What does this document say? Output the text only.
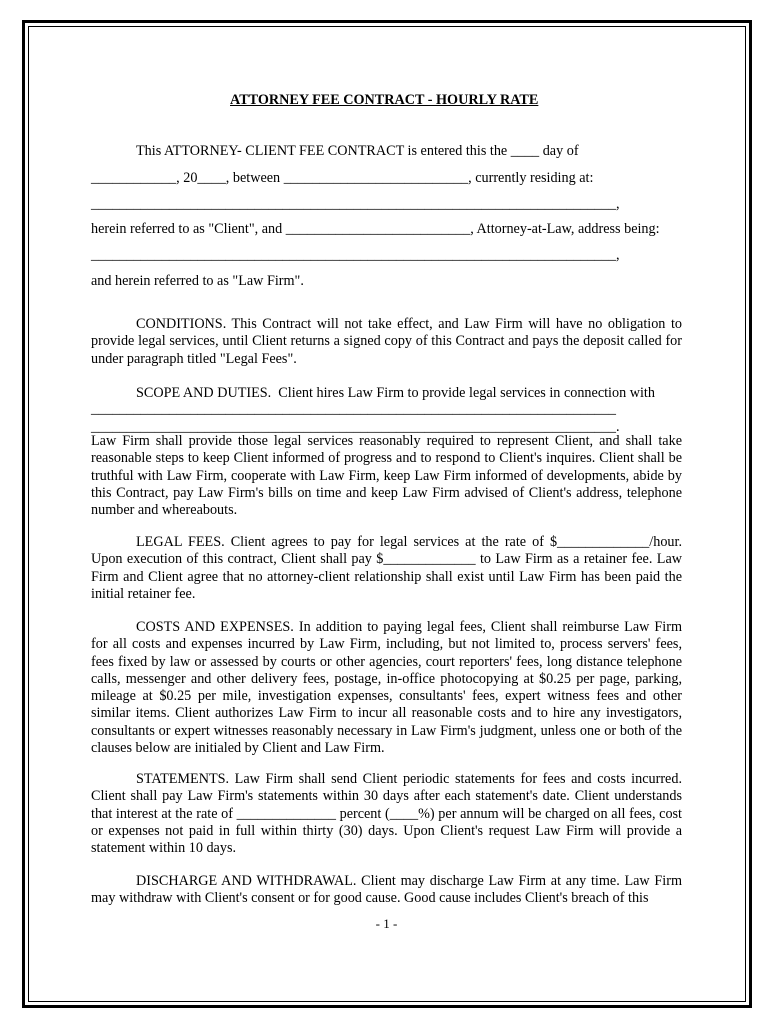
ATTORNEY FEE CONTRACT - HOURLY RATE
This ATTORNEY- CLIENT FEE CONTRACT is entered this the ____ day of
____________, 20____, between __________________________, currently residing at:
__________________________________________________________________________,
herein referred to as "Client", and __________________________, Attorney-at-Law, address being:
__________________________________________________________________________,
and herein referred to as "Law Firm".
CONDITIONS. This Contract will not take effect, and Law Firm will have no obligation to provide legal services, until Client returns a signed copy of this Contract and pays the deposit called for under paragraph titled "Legal Fees".
SCOPE AND DUTIES.  Client hires Law Firm to provide legal services in connection with
__________________________________________________________________________
__________________________________________________________________________.
Law Firm shall provide those legal services reasonably required to represent Client, and shall take reasonable steps to keep Client informed of progress and to respond to Client's inquires. Client shall be truthful with Law Firm, cooperate with Law Firm, keep Law Firm informed of developments, abide by this Contract, pay Law Firm's bills on time and keep Law Firm advised of Client's address, telephone number and whereabouts.
LEGAL FEES. Client agrees to pay for legal services at the rate of $_____________/hour. Upon execution of this contract, Client shall pay $_____________ to Law Firm as a retainer fee. Law Firm and Client agree that no attorney-client relationship shall exist until Law Firm has been paid the initial retainer fee.
COSTS AND EXPENSES. In addition to paying legal fees, Client shall reimburse Law Firm for all costs and expenses incurred by Law Firm, including, but not limited to, process servers' fees, fees fixed by law or assessed by courts or other agencies, court reporters' fees, long distance telephone calls, messenger and other delivery fees, postage, in-office photocopying at $0.25 per page, parking, mileage at $0.25 per mile, investigation expenses, consultants' fees, expert witness fees and other similar items. Client authorizes Law Firm to incur all reasonable costs and to hire any investigators, consultants or expert witnesses reasonably necessary in Law Firm's judgment, unless one or both of the clauses below are initialed by Client and Law Firm.
STATEMENTS. Law Firm shall send Client periodic statements for fees and costs incurred. Client shall pay Law Firm's statements within 30 days after each statement's date. Client understands that interest at the rate of ______________ percent (____%) per annum will be charged on all fees, cost or expenses not paid in full within thirty (30) days. Upon Client's request Law Firm will provide a statement within 10 days.
DISCHARGE AND WITHDRAWAL. Client may discharge Law Firm at any time. Law Firm may withdraw with Client's consent or for good cause. Good cause includes Client's breach of this
- 1 -
